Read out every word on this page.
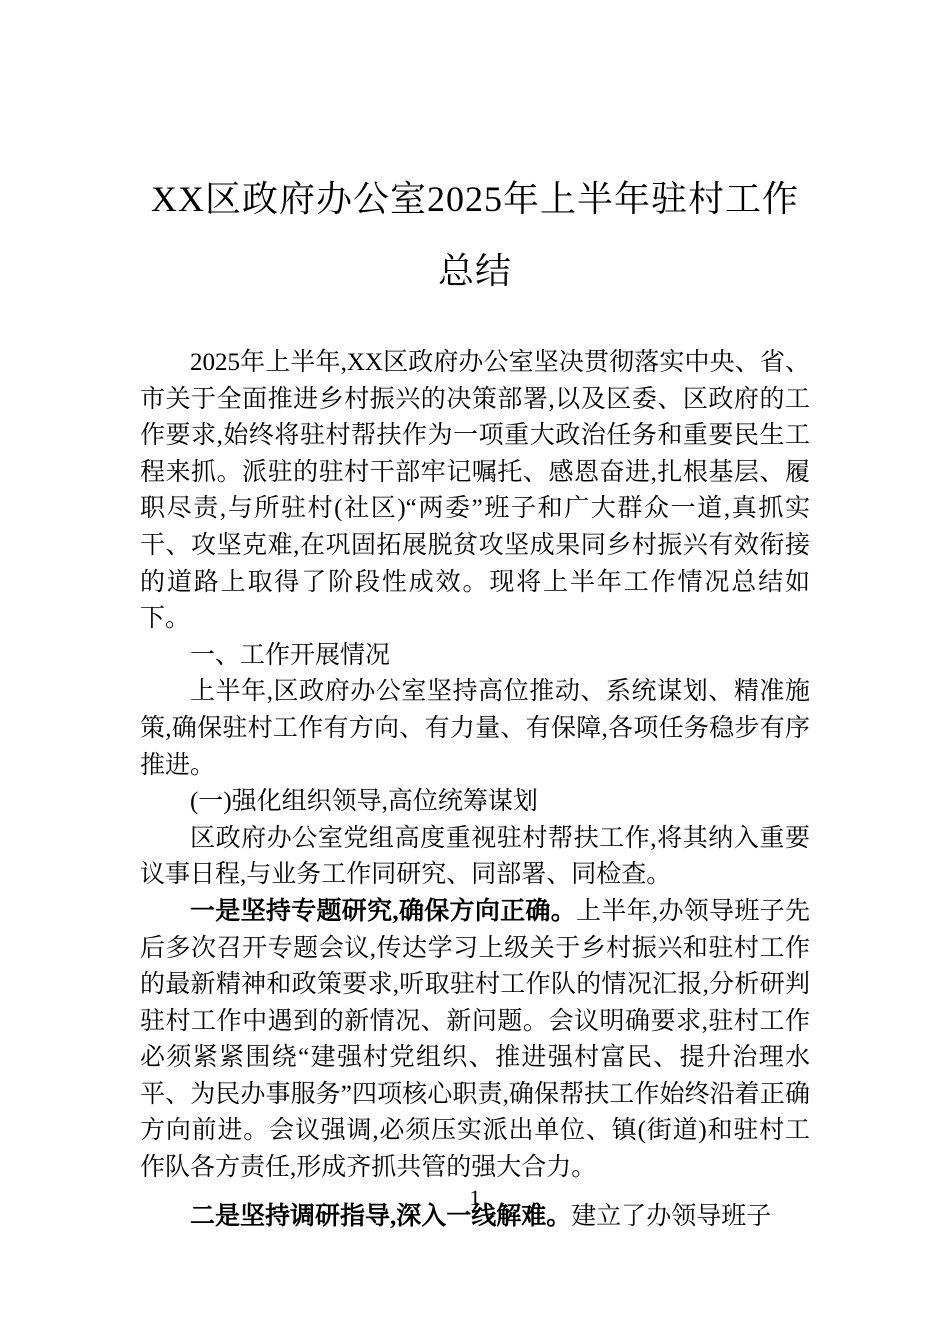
XX区政府办公室2025年上半年驻村工作总结

2025年上半年,XX区政府办公室坚决贯彻落实中央、省、市关于全面推进乡村振兴的决策部署,以及区委、区政府的工作要求,始终将驻村帮扶作为一项重大政治任务和重要民生工程来抓。派驻的驻村干部牢记嘱托、感恩奋进,扎根基层、履职尽责,与所驻村(社区)“两委”班子和广大群众一道,真抓实干、攻坚克难,在巩固拓展脱贫攻坚成果同乡村振兴有效衔接的道路上取得了阶段性成效。现将上半年工作情况总结如下。

一、工作开展情况

上半年,区政府办公室坚持高位推动、系统谋划、精准施策,确保驻村工作有方向、有力量、有保障,各项任务稳步有序推进。

(一)强化组织领导,高位统筹谋划

区政府办公室党组高度重视驻村帮扶工作,将其纳入重要议事日程,与业务工作同研究、同部署、同检查。

一是坚持专题研究,确保方向正确。上半年,办领导班子先后多次召开专题会议,传达学习上级关于乡村振兴和驻村工作的最新精神和政策要求,听取驻村工作队的情况汇报,分析研判驻村工作中遇到的新情况、新问题。会议明确要求,驻村工作必须紧紧围绕“建强村党组织、推进强村富民、提升治理水平、为民办事服务”四项核心职责,确保帮扶工作始终沿着正确方向前进。会议强调,必须压实派出单位、镇(街道)和驻村工作队各方责任,形成齐抓共管的强大合力。

二是坚持调研指导,深入一线解难。建立了办领导班子

1
